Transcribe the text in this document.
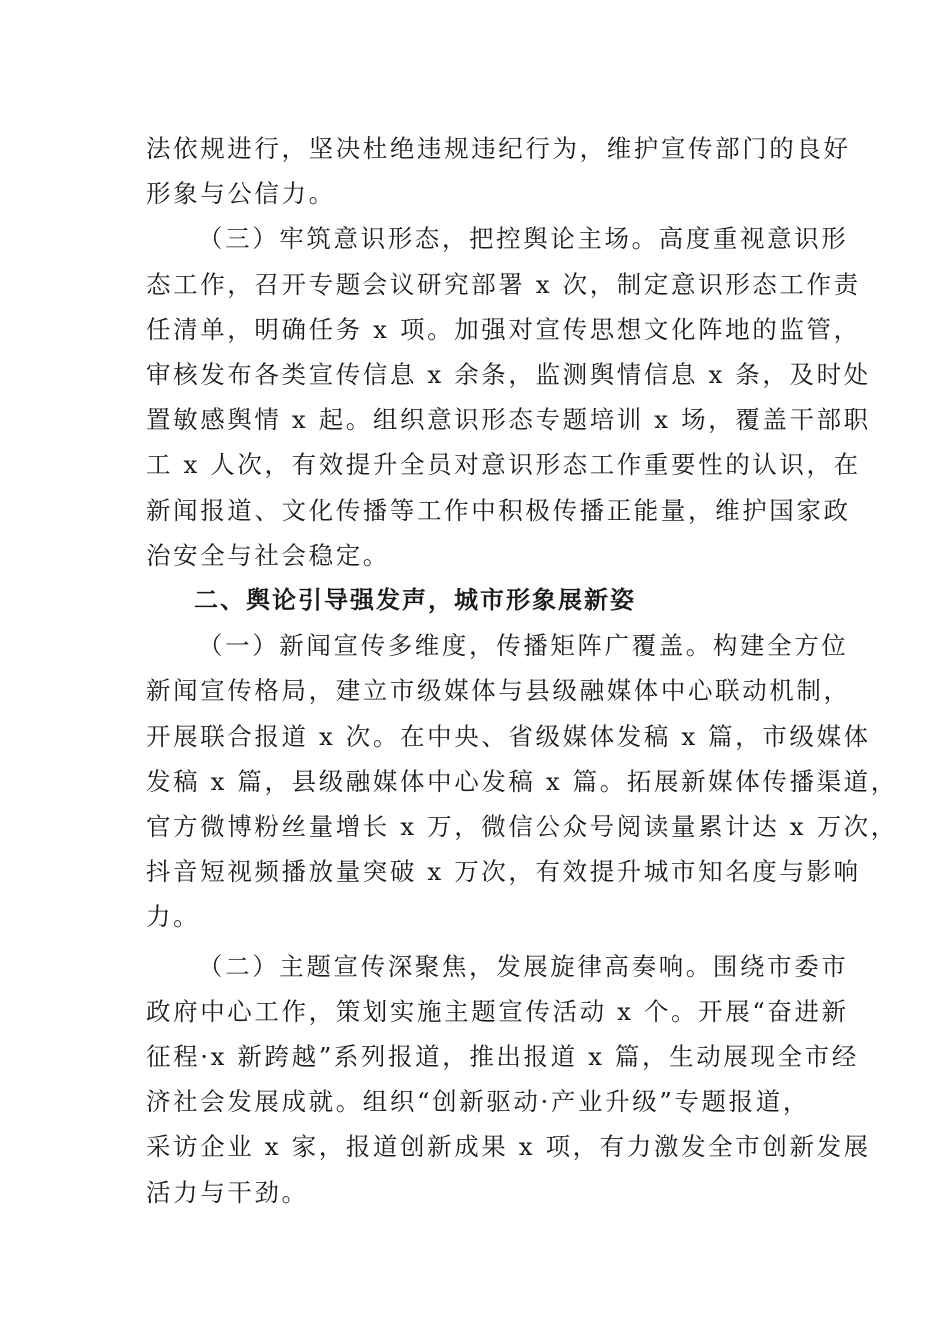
法依规进行，坚决杜绝违规违纪行为，维护宣传部门的良好
形象与公信力。
（三）牢筑意识形态，把控舆论主场。高度重视意识形
态工作，召开专题会议研究部署 x 次，制定意识形态工作责
任清单，明确任务 x 项。加强对宣传思想文化阵地的监管，
审核发布各类宣传信息 x 余条，监测舆情信息 x 条，及时处
置敏感舆情 x 起。组织意识形态专题培训 x 场，覆盖干部职
工 x 人次，有效提升全员对意识形态工作重要性的认识，在
新闻报道、文化传播等工作中积极传播正能量，维护国家政
治安全与社会稳定。
二、舆论引导强发声，城市形象展新姿
（一）新闻宣传多维度，传播矩阵广覆盖。构建全方位
新闻宣传格局，建立市级媒体与县级融媒体中心联动机制，
开展联合报道 x 次。在中央、省级媒体发稿 x 篇，市级媒体
发稿 x 篇，县级融媒体中心发稿 x 篇。拓展新媒体传播渠道，
官方微博粉丝量增长 x 万，微信公众号阅读量累计达 x 万次，
抖音短视频播放量突破 x 万次，有效提升城市知名度与影响
力。
（二）主题宣传深聚焦，发展旋律高奏响。围绕市委市
政府中心工作，策划实施主题宣传活动 x 个。开展“奋进新
征程·x 新跨越”系列报道，推出报道 x 篇，生动展现全市经
济社会发展成就。组织“创新驱动·产业升级”专题报道，
采访企业 x 家，报道创新成果 x 项，有力激发全市创新发展
活力与干劲。
